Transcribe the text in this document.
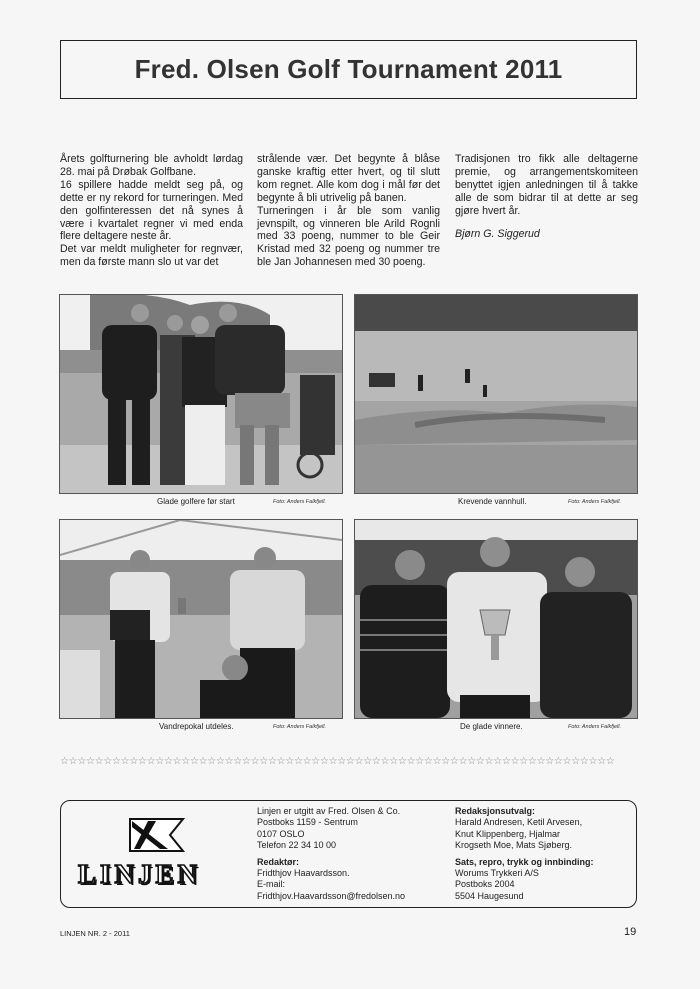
Fred. Olsen Golf Tournament 2011

Årets golfturnering ble avholdt lørdag 28. mai på Drøbak Golfbane.

16 spillere hadde meldt seg på, og dette er ny rekord for turneringen. Med den golfinteressen det nå synes å være i kvartalet regner vi med enda flere deltagere neste år.

Det var meldt muligheter for regnvær, men da første mann slo ut var det

strålende vær. Det begynte å blåse ganske kraftig etter hvert, og til slutt kom regnet. Alle kom dog i mål før det begynte å bli utrivelig på banen.

Turneringen i år ble som vanlig jevnspilt, og vinneren ble Arild Rognli med 33 poeng, nummer to ble Geir Kristad med 32 poeng og nummer tre ble Jan Johannesen med 30 poeng.

Tradisjonen tro fikk alle deltagerne premie, og arrangementskomiteen benyttet igjen anledningen til å takke alle de som bidrar til at dette ar seg gjøre hvert år.

Bjørn G. Siggerud

Glade golfere før start	Foto: Anders Falkfjell.	Krevende vannhull.	Foto: Anders Falkfjell.
Vandrepokal utdeles.	Foto: Anders Falkfjell.	De glade vinnere.	Foto: Anders Falkfjell.
☆☆☆☆☆☆☆☆☆☆☆☆☆☆☆☆☆☆☆☆☆☆☆☆☆☆☆☆☆☆☆☆☆☆☆☆☆☆☆☆☆☆☆☆☆☆☆☆☆☆☆☆☆☆☆☆☆☆☆☆☆☆☆☆
LINJEN
Linjen er utgitt av Fred. Olsen & Co.
Postboks 1159 - Sentrum
0107 OSLO
Telefon 22 34 10 00
Redaktør:
Fridthjov Haavardsson.
E-mail:
Fridthjov.Haavardsson@fredolsen.no
Redaksjonsutvalg:
Harald Andresen, Ketil Arvesen,
Knut Klippenberg, Hjalmar
Krogseth Moe, Mats Sjøberg.
Sats, repro, trykk og innbinding:
Worums Trykkeri A/S
Postboks 2004
5504 Haugesund
LINJEN NR. 2 - 2011	19
